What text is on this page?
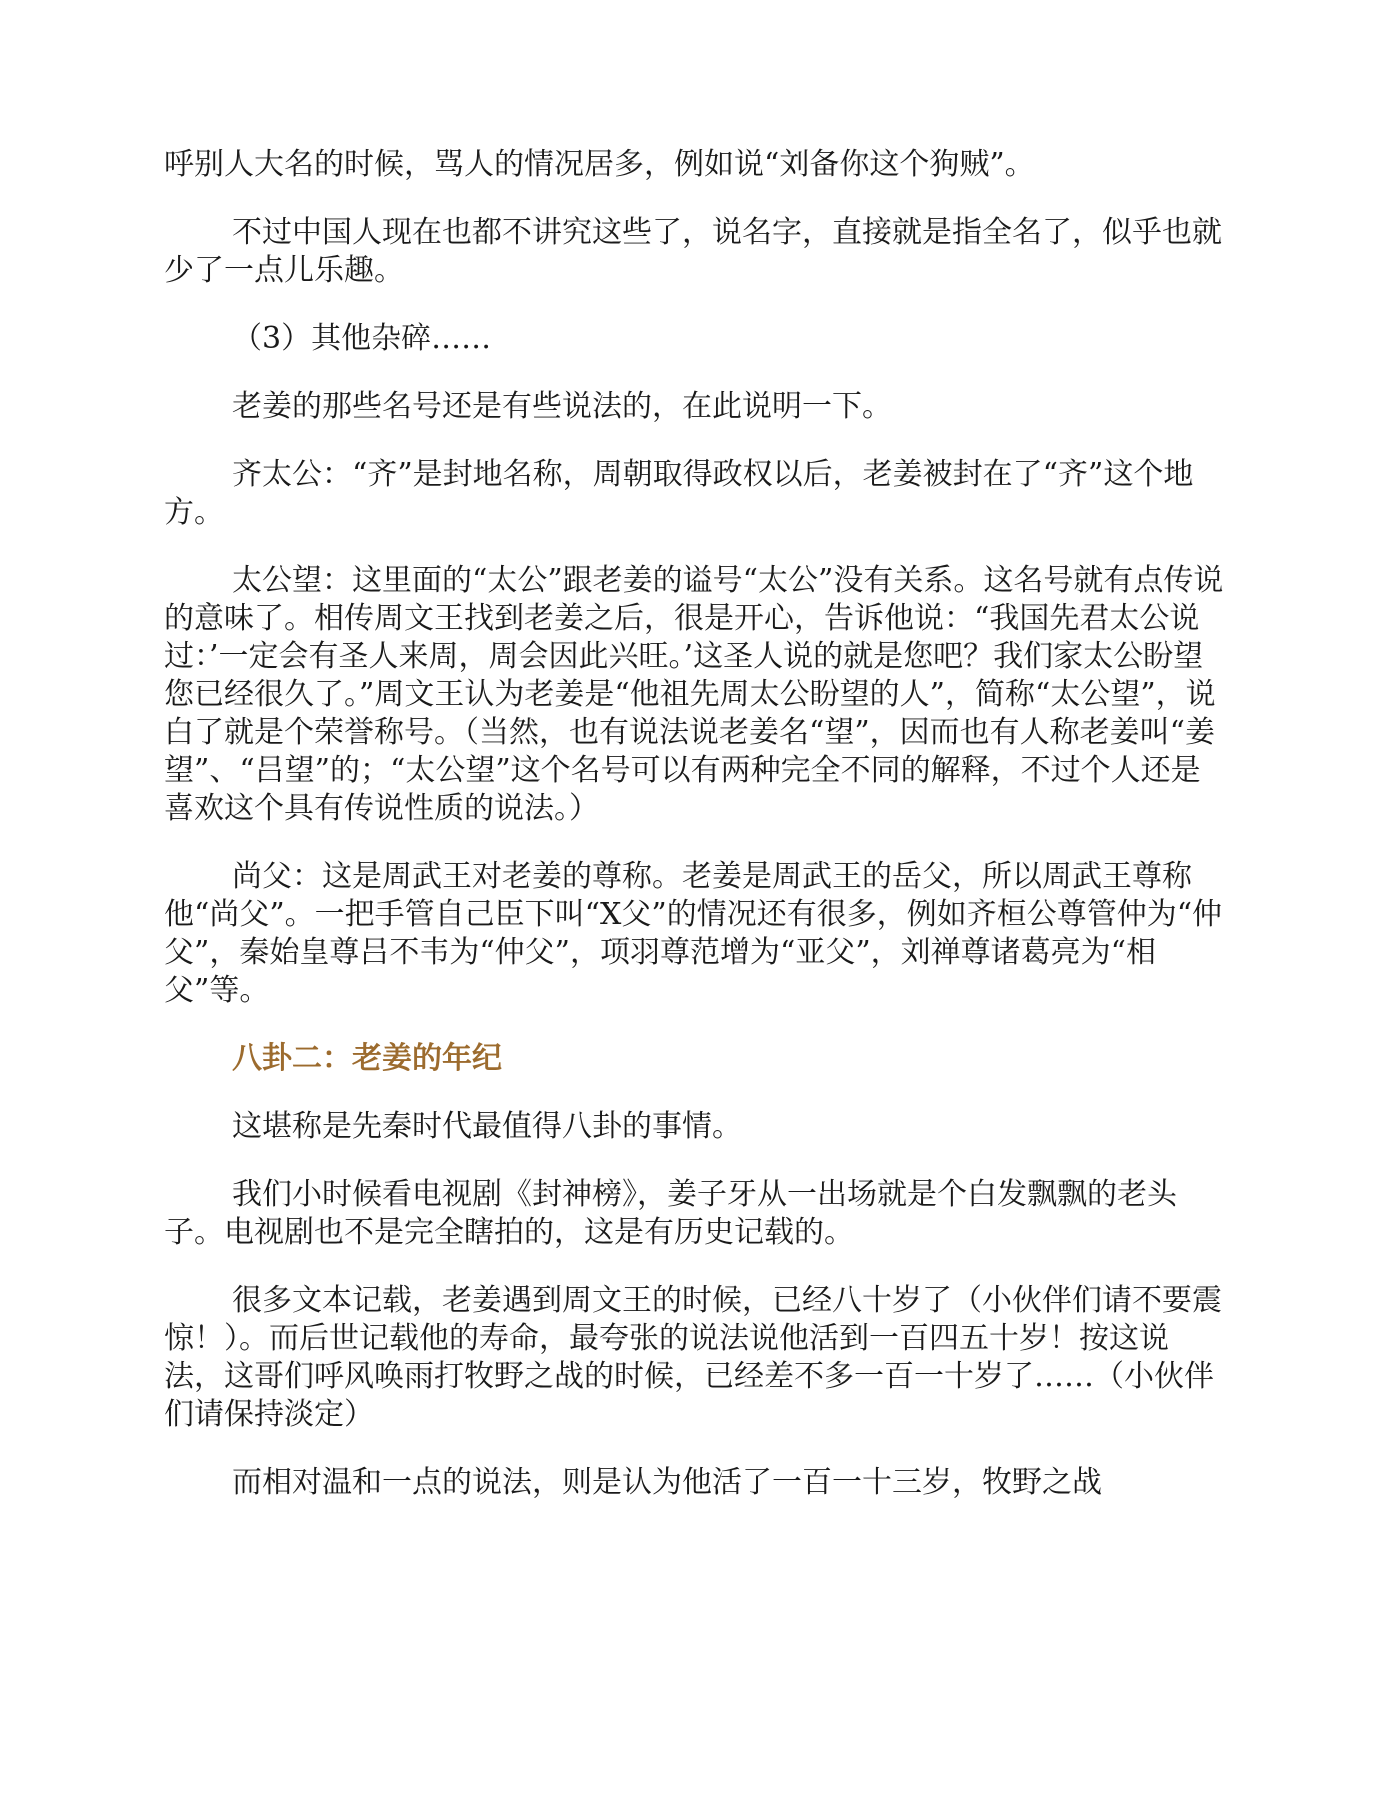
呼别人大名的时候，骂人的情况居多，例如说“刘备你这个狗贼”。

不过中国人现在也都不讲究这些了，说名字，直接就是指全名了，似乎也就少了一点儿乐趣。

（3）其他杂碎……

老姜的那些名号还是有些说法的，在此说明一下。

齐太公：“齐”是封地名称，周朝取得政权以后，老姜被封在了“齐”这个地方。

太公望：这里面的“太公”跟老姜的谥号“太公”没有关系。这名号就有点传说的意味了。相传周文王找到老姜之后，很是开心，告诉他说：“我国先君太公说过：’一定会有圣人来周，周会因此兴旺。’这圣人说的就是您吧？我们家太公盼望您已经很久了。”周文王认为老姜是“他祖先周太公盼望的人”，简称“太公望”，说白了就是个荣誉称号。（当然，也有说法说老姜名“望”，因而也有人称老姜叫“姜望”、“吕望”的；“太公望”这个名号可以有两种完全不同的解释，不过个人还是喜欢这个具有传说性质的说法。）

尚父：这是周武王对老姜的尊称。老姜是周武王的岳父，所以周武王尊称他“尚父”。一把手管自己臣下叫“X父”的情况还有很多，例如齐桓公尊管仲为“仲父”，秦始皇尊吕不韦为“仲父”，项羽尊范增为“亚父”，刘禅尊诸葛亮为“相父”等。

八卦二：老姜的年纪

这堪称是先秦时代最值得八卦的事情。

我们小时候看电视剧《封神榜》，姜子牙从一出场就是个白发飘飘的老头子。电视剧也不是完全瞎拍的，这是有历史记载的。

很多文本记载，老姜遇到周文王的时候，已经八十岁了（小伙伴们请不要震惊！）。而后世记载他的寿命，最夸张的说法说他活到一百四五十岁！按这说法，这哥们呼风唤雨打牧野之战的时候，已经差不多一百一十岁了……（小伙伴们请保持淡定）

而相对温和一点的说法，则是认为他活了一百一十三岁，牧野之战
